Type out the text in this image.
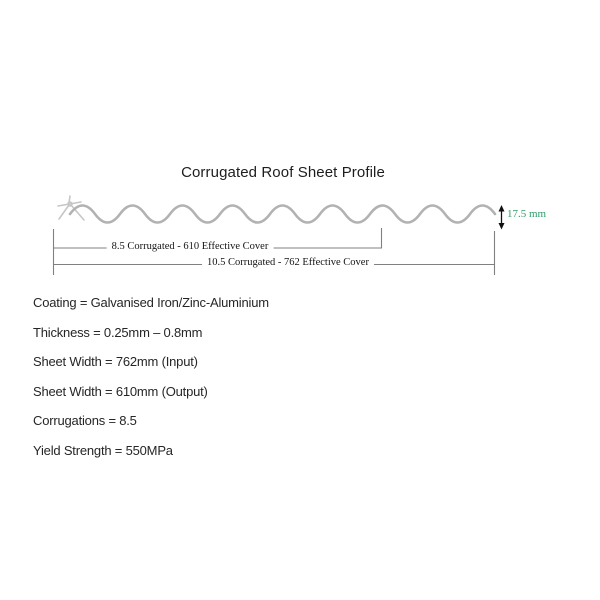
Corrugated Roof Sheet Profile
8.5 Corrugated - 610 Effective Cover
10.5 Corrugated - 762 Effective Cover
17.5 mm
Coating = Galvanised Iron/Zinc-Aluminium
Thickness = 0.25mm – 0.8mm
Sheet Width = 762mm (Input)
Sheet Width = 610mm (Output)
Corrugations = 8.5
Yield Strength = 550MPa
